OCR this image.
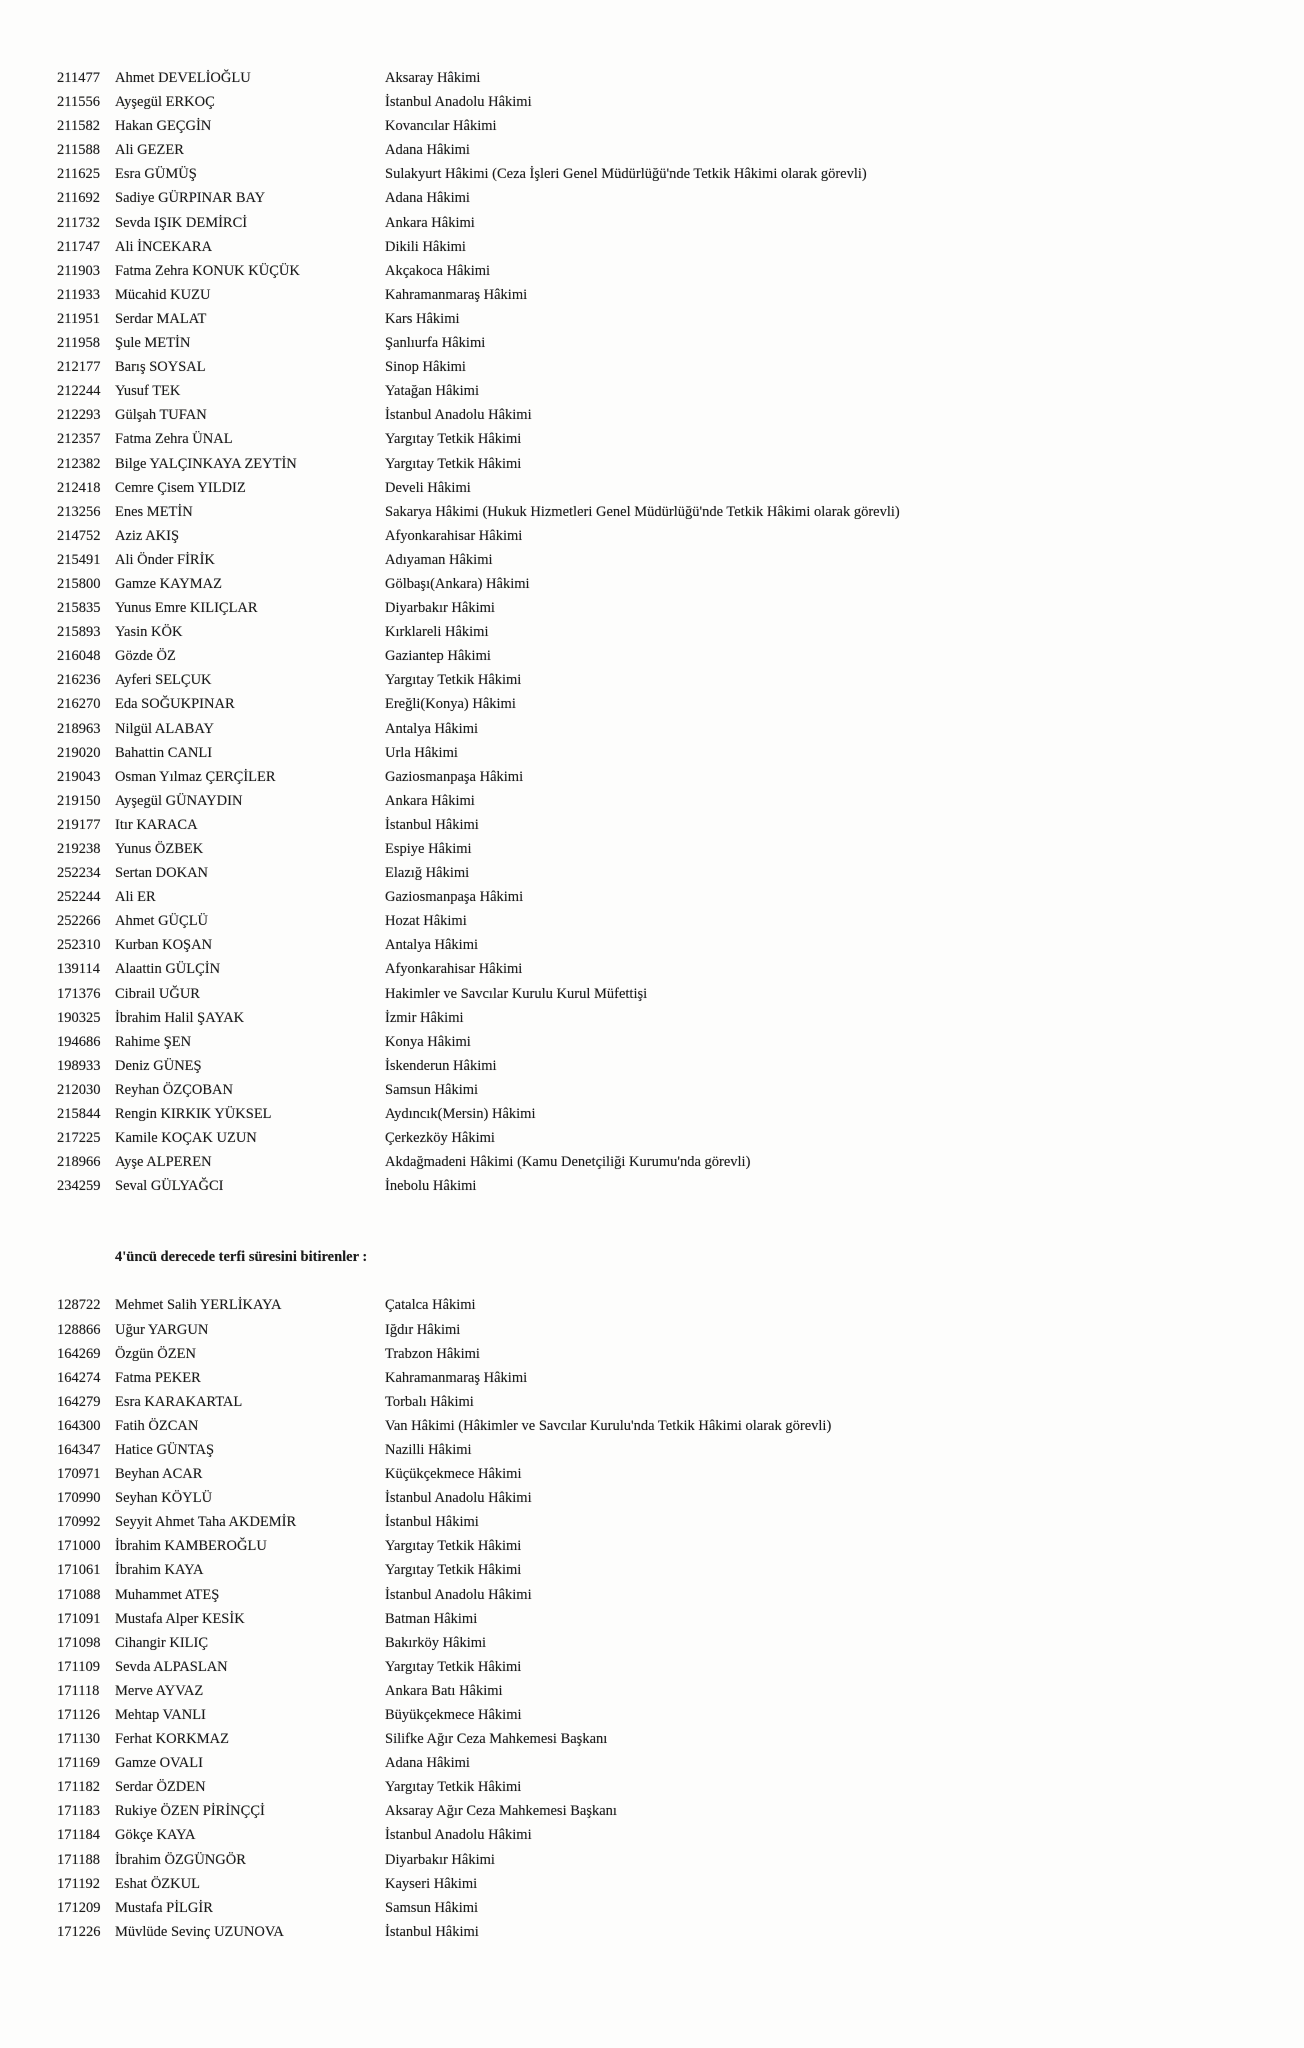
211477 Ahmet DEVELİOĞLU	Aksaray Hâkimi
211556 Ayşegül ERKOÇ	İstanbul Anadolu Hâkimi
211582 Hakan GEÇGİN	Kovancılar Hâkimi
211588 Ali GEZER	Adana Hâkimi
211625 Esra GÜMÜŞ	Sulakyurt Hâkimi (Ceza İşleri Genel Müdürlüğü'nde Tetkik Hâkimi olarak görevli)
211692 Sadiye GÜRPINAR BAY	Adana Hâkimi
211732 Sevda IŞIK DEMİRCİ	Ankara Hâkimi
211747 Ali İNCEKARA	Dikili Hâkimi
211903 Fatma Zehra KONUK KÜÇÜK	Akçakoca Hâkimi
211933 Mücahid KUZU	Kahramanmaraş Hâkimi
211951 Serdar MALAT	Kars Hâkimi
211958 Şule METİN	Şanlıurfa Hâkimi
212177 Barış SOYSAL	Sinop Hâkimi
212244 Yusuf TEK	Yatağan Hâkimi
212293 Gülşah TUFAN	İstanbul Anadolu Hâkimi
212357 Fatma Zehra ÜNAL	Yargıtay Tetkik Hâkimi
212382 Bilge YALÇINKAYA ZEYTİN	Yargıtay Tetkik Hâkimi
212418 Cemre Çisem YILDIZ	Develi Hâkimi
213256 Enes METİN	Sakarya Hâkimi (Hukuk Hizmetleri Genel Müdürlüğü'nde Tetkik Hâkimi olarak görevli)
214752 Aziz AKIŞ	Afyonkarahisar Hâkimi
215491 Ali Önder FİRİK	Adıyaman Hâkimi
215800 Gamze KAYMAZ	Gölbaşı(Ankara) Hâkimi
215835 Yunus Emre KILIÇLAR	Diyarbakır Hâkimi
215893 Yasin KÖK	Kırklareli Hâkimi
216048 Gözde ÖZ	Gaziantep Hâkimi
216236 Ayferi SELÇUK	Yargıtay Tetkik Hâkimi
216270 Eda SOĞUKPINAR	Ereğli(Konya) Hâkimi
218963 Nilgül ALABAY	Antalya Hâkimi
219020 Bahattin CANLI	Urla Hâkimi
219043 Osman Yılmaz ÇERÇİLER	Gaziosmanpaşa Hâkimi
219150 Ayşegül GÜNAYDIN	Ankara Hâkimi
219177 Itır KARACA	İstanbul Hâkimi
219238 Yunus ÖZBEK	Espiye Hâkimi
252234 Sertan DOKAN	Elazığ Hâkimi
252244 Ali ER	Gaziosmanpaşa Hâkimi
252266 Ahmet GÜÇLÜ	Hozat Hâkimi
252310 Kurban KOŞAN	Antalya Hâkimi
139114 Alaattin GÜLÇİN	Afyonkarahisar Hâkimi
171376 Cibrail UĞUR	Hakimler ve Savcılar Kurulu Kurul Müfettişi
190325 İbrahim Halil ŞAYAK	İzmir Hâkimi
194686 Rahime ŞEN	Konya Hâkimi
198933 Deniz GÜNEŞ	İskenderun Hâkimi
212030 Reyhan ÖZÇOBAN	Samsun Hâkimi
215844 Rengin KIRKIK YÜKSEL	Aydıncık(Mersin) Hâkimi
217225 Kamile KOÇAK UZUN	Çerkezköy Hâkimi
218966 Ayşe ALPEREN	Akdağmadeni Hâkimi (Kamu Denetçiliği Kurumu'nda görevli)
234259 Seval GÜLYAĞCI	İnebolu Hâkimi
4'üncü derecede terfi süresini bitirenler :
128722 Mehmet Salih YERLİKAYA	Çatalca Hâkimi
128866 Uğur YARGUN	Iğdır Hâkimi
164269 Özgün ÖZEN	Trabzon Hâkimi
164274 Fatma PEKER	Kahramanmaraş Hâkimi
164279 Esra KARAKARTAL	Torbalı Hâkimi
164300 Fatih ÖZCAN	Van Hâkimi (Hâkimler ve Savcılar Kurulu'nda Tetkik Hâkimi olarak görevli)
164347 Hatice GÜNTAŞ	Nazilli Hâkimi
170971 Beyhan ACAR	Küçükçekmece Hâkimi
170990 Seyhan KÖYLÜ	İstanbul Anadolu Hâkimi
170992 Seyyit Ahmet Taha AKDEMİR	İstanbul Hâkimi
171000 İbrahim KAMBEROĞLU	Yargıtay Tetkik Hâkimi
171061 İbrahim KAYA	Yargıtay Tetkik Hâkimi
171088 Muhammet ATEŞ	İstanbul Anadolu Hâkimi
171091 Mustafa Alper KESİK	Batman Hâkimi
171098 Cihangir KILIÇ	Bakırköy Hâkimi
171109 Sevda ALPASLAN	Yargıtay Tetkik Hâkimi
171118 Merve AYVAZ	Ankara Batı Hâkimi
171126 Mehtap VANLI	Büyükçekmece Hâkimi
171130 Ferhat KORKMAZ	Silifke Ağır Ceza Mahkemesi Başkanı
171169 Gamze OVALI	Adana Hâkimi
171182 Serdar ÖZDEN	Yargıtay Tetkik Hâkimi
171183 Rukiye ÖZEN PİRİNÇÇİ	Aksaray Ağır Ceza Mahkemesi Başkanı
171184 Gökçe KAYA	İstanbul Anadolu Hâkimi
171188 İbrahim ÖZGÜNGÖR	Diyarbakır Hâkimi
171192 Eshat ÖZKUL	Kayseri Hâkimi
171209 Mustafa PİLGİR	Samsun Hâkimi
171226 Müvlüde Sevinç UZUNOVA	İstanbul Hâkimi
